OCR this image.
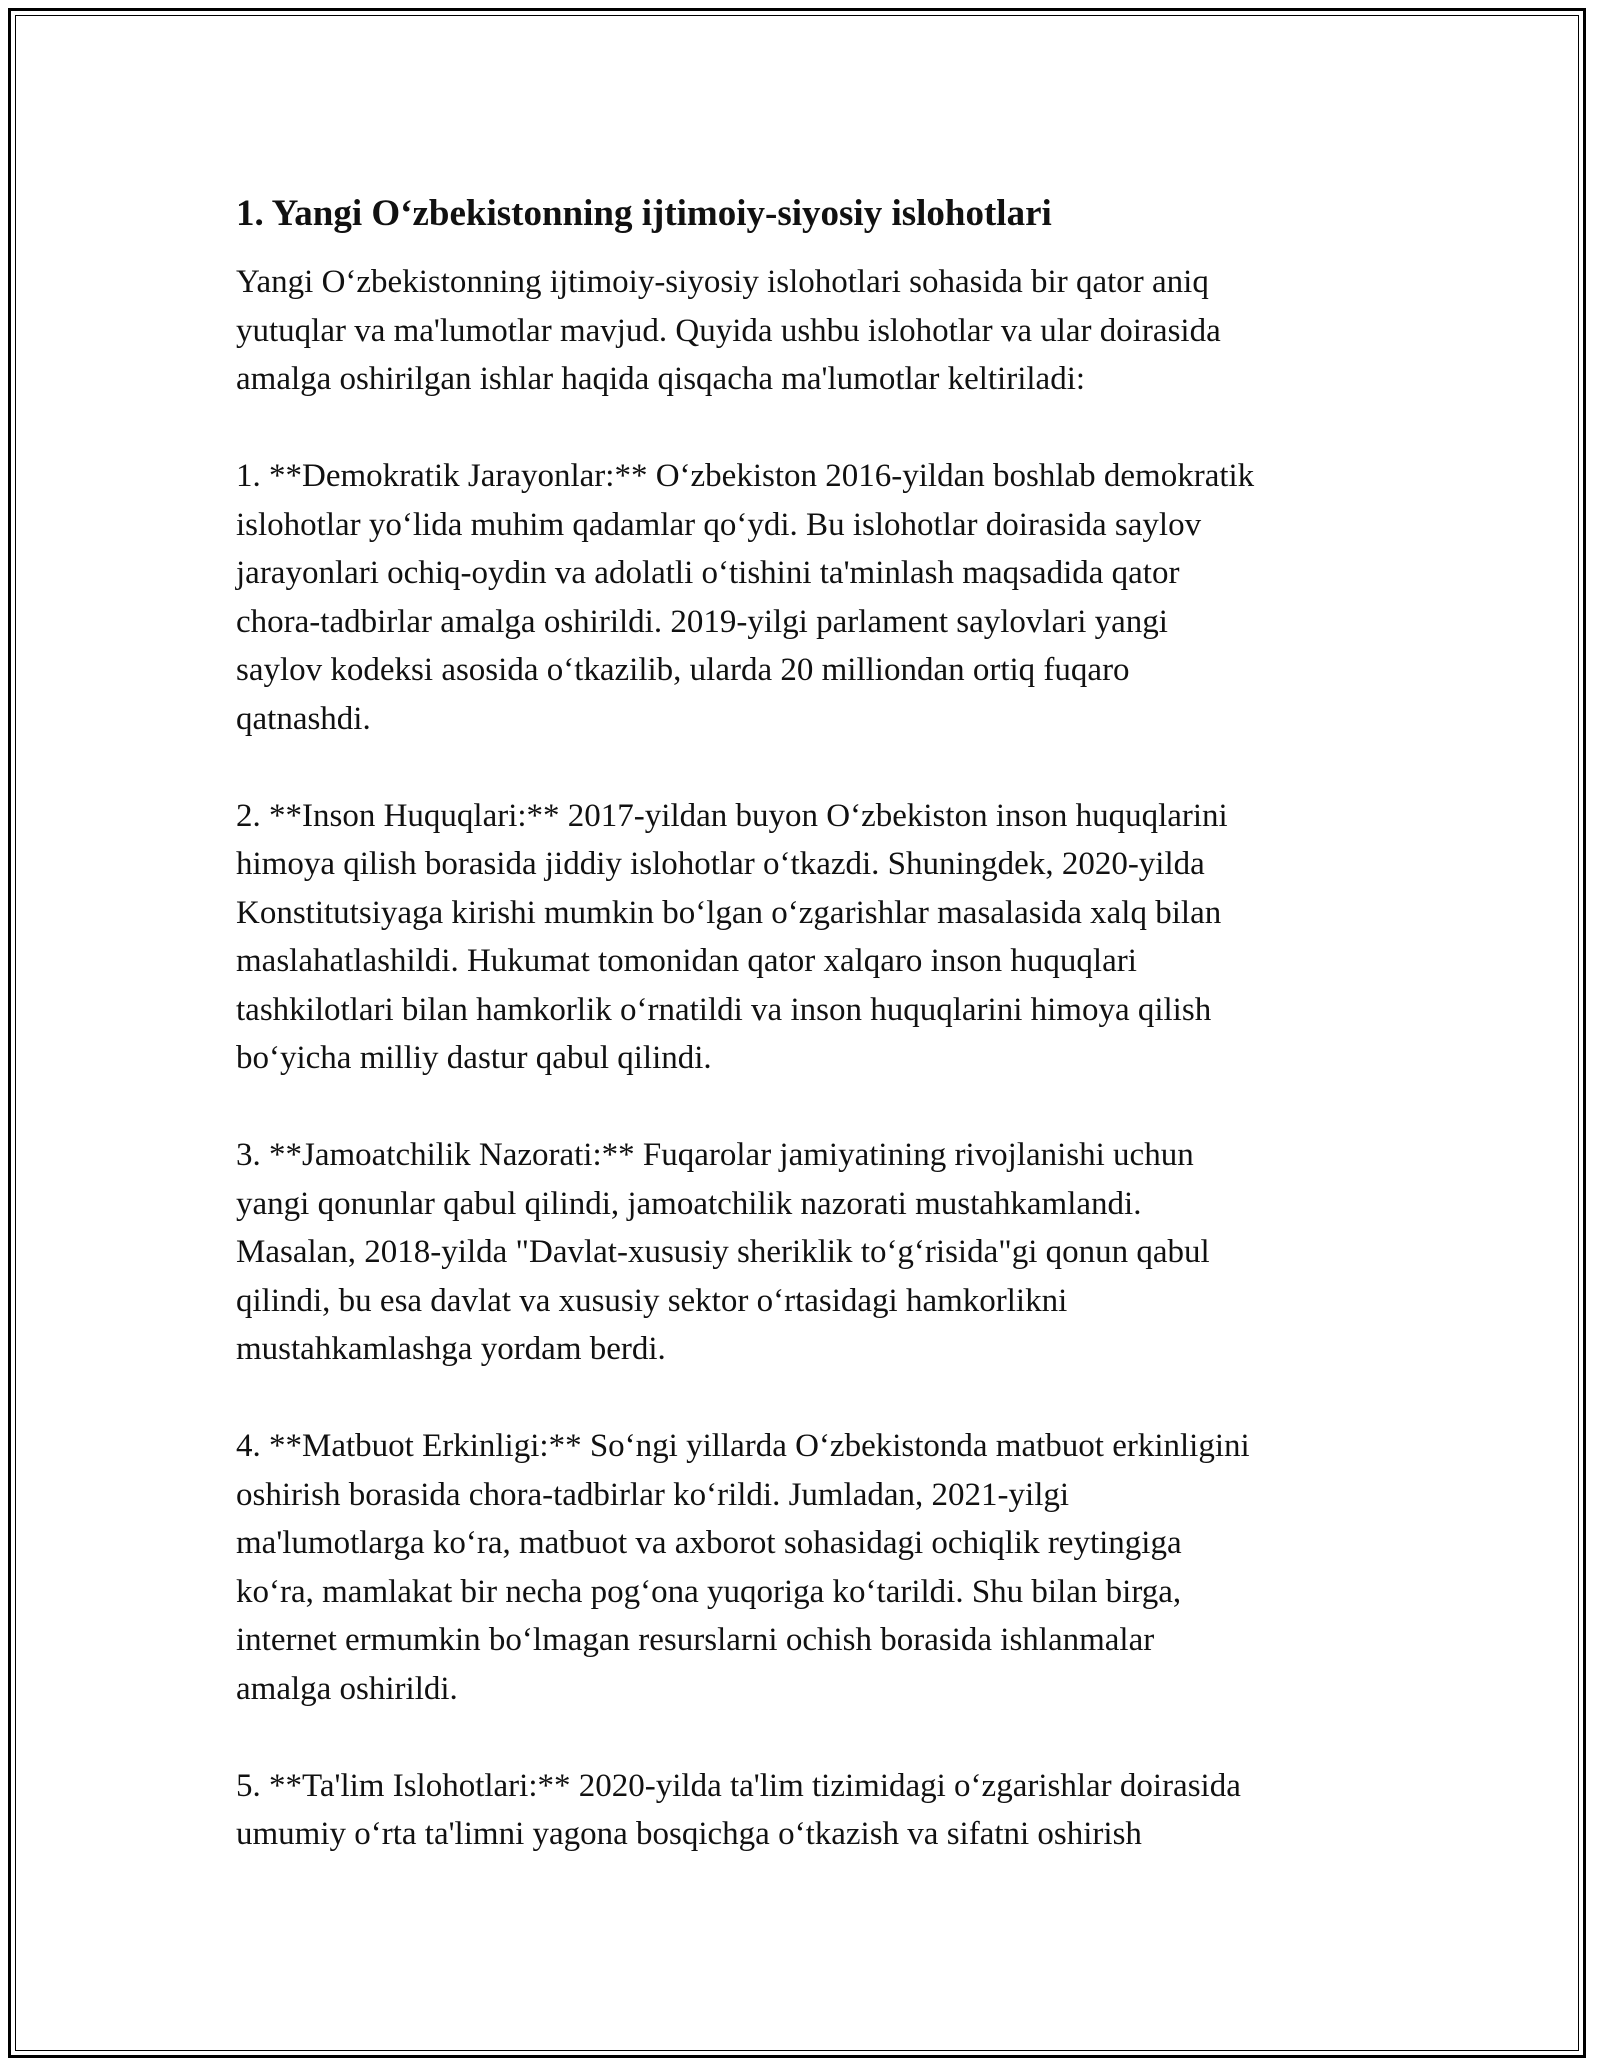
1. Yangi O‘zbekistonning ijtimoiy-siyosiy islohotlari

Yangi O‘zbekistonning ijtimoiy-siyosiy islohotlari sohasida bir qator aniq
yutuqlar va ma'lumotlar mavjud. Quyida ushbu islohotlar va ular doirasida
amalga oshirilgan ishlar haqida qisqacha ma'lumotlar keltiriladi:

1. **Demokratik Jarayonlar:** O‘zbekiston 2016-yildan boshlab demokratik
islohotlar yo‘lida muhim qadamlar qo‘ydi. Bu islohotlar doirasida saylov
jarayonlari ochiq-oydin va adolatli o‘tishini ta'minlash maqsadida qator
chora-tadbirlar amalga oshirildi. 2019-yilgi parlament saylovlari yangi
saylov kodeksi asosida o‘tkazilib, ularda 20 milliondan ortiq fuqaro
qatnashdi.

2. **Inson Huquqlari:** 2017-yildan buyon O‘zbekiston inson huquqlarini
himoya qilish borasida jiddiy islohotlar o‘tkazdi. Shuningdek, 2020-yilda
Konstitutsiyaga kirishi mumkin bo‘lgan o‘zgarishlar masalasida xalq bilan
maslahatlashildi. Hukumat tomonidan qator xalqaro inson huquqlari
tashkilotlari bilan hamkorlik o‘rnatildi va inson huquqlarini himoya qilish
bo‘yicha milliy dastur qabul qilindi.

3. **Jamoatchilik Nazorati:** Fuqarolar jamiyatining rivojlanishi uchun
yangi qonunlar qabul qilindi, jamoatchilik nazorati mustahkamlandi.
Masalan, 2018-yilda "Davlat-xususiy sheriklik to‘g‘risida"gi qonun qabul
qilindi, bu esa davlat va xususiy sektor o‘rtasidagi hamkorlikni
mustahkamlashga yordam berdi.

4. **Matbuot Erkinligi:** So‘ngi yillarda O‘zbekistonda matbuot erkinligini
oshirish borasida chora-tadbirlar ko‘rildi. Jumladan, 2021-yilgi
ma'lumotlarga ko‘ra, matbuot va axborot sohasidagi ochiqlik reytingiga
ko‘ra, mamlakat bir necha pog‘ona yuqoriga ko‘tarildi. Shu bilan birga,
internet ermumkin bo‘lmagan resurslarni ochish borasida ishlanmalar
amalga oshirildi.

5. **Ta'lim Islohotlari:** 2020-yilda ta'lim tizimidagi o‘zgarishlar doirasida
umumiy o‘rta ta'limni yagona bosqichga o‘tkazish va sifatni oshirish
